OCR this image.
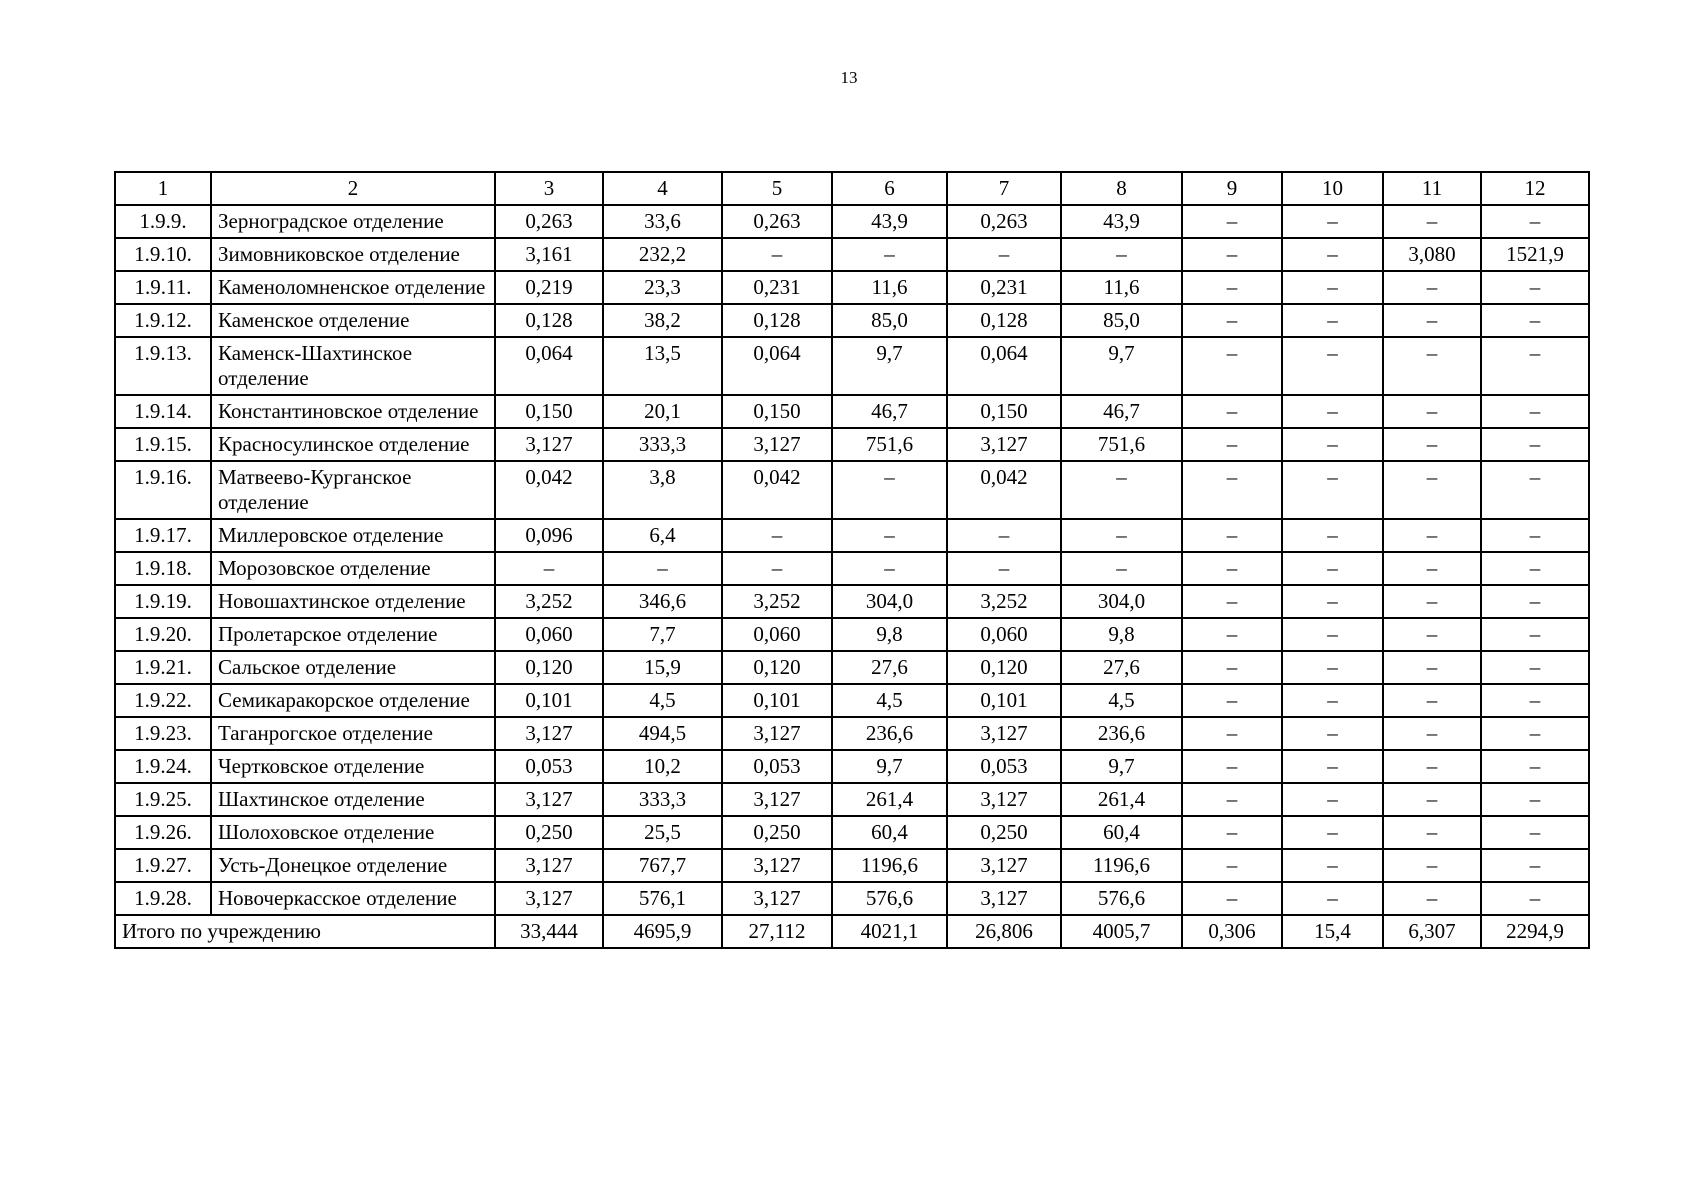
13
1	2	3	4	5	6	7	8	9	10	11	12
1.9.9.	Зерноградское отделение	0,263	33,6	0,263	43,9	0,263	43,9	–	–	–	–
1.9.10.	Зимовниковское отделение	3,161	232,2	–	–	–	–	–	–	3,080	1521,9
1.9.11.	Каменоломненское отделение	0,219	23,3	0,231	11,6	0,231	11,6	–	–	–	–
1.9.12.	Каменское отделение	0,128	38,2	0,128	85,0	0,128	85,0	–	–	–	–
1.9.13.	Каменск-Шахтинское отделение	0,064	13,5	0,064	9,7	0,064	9,7	–	–	–	–
1.9.14.	Константиновское отделение	0,150	20,1	0,150	46,7	0,150	46,7	–	–	–	–
1.9.15.	Красносулинское отделение	3,127	333,3	3,127	751,6	3,127	751,6	–	–	–	–
1.9.16.	Матвеево-Курганское отделение	0,042	3,8	0,042	–	0,042	–	–	–	–	–
1.9.17.	Миллеровское отделение	0,096	6,4	–	–	–	–	–	–	–	–
1.9.18.	Морозовское отделение	–	–	–	–	–	–	–	–	–	–
1.9.19.	Новошахтинское отделение	3,252	346,6	3,252	304,0	3,252	304,0	–	–	–	–
1.9.20.	Пролетарское отделение	0,060	7,7	0,060	9,8	0,060	9,8	–	–	–	–
1.9.21.	Сальское отделение	0,120	15,9	0,120	27,6	0,120	27,6	–	–	–	–
1.9.22.	Семикаракорское отделение	0,101	4,5	0,101	4,5	0,101	4,5	–	–	–	–
1.9.23.	Таганрогское отделение	3,127	494,5	3,127	236,6	3,127	236,6	–	–	–	–
1.9.24.	Чертковское отделение	0,053	10,2	0,053	9,7	0,053	9,7	–	–	–	–
1.9.25.	Шахтинское отделение	3,127	333,3	3,127	261,4	3,127	261,4	–	–	–	–
1.9.26.	Шолоховское отделение	0,250	25,5	0,250	60,4	0,250	60,4	–	–	–	–
1.9.27.	Усть-Донецкое отделение	3,127	767,7	3,127	1196,6	3,127	1196,6	–	–	–	–
1.9.28.	Новочеркасское отделение	3,127	576,1	3,127	576,6	3,127	576,6	–	–	–	–
Итого по учреждению		33,444	4695,9	27,112	4021,1	26,806	4005,7	0,306	15,4	6,307	2294,9
